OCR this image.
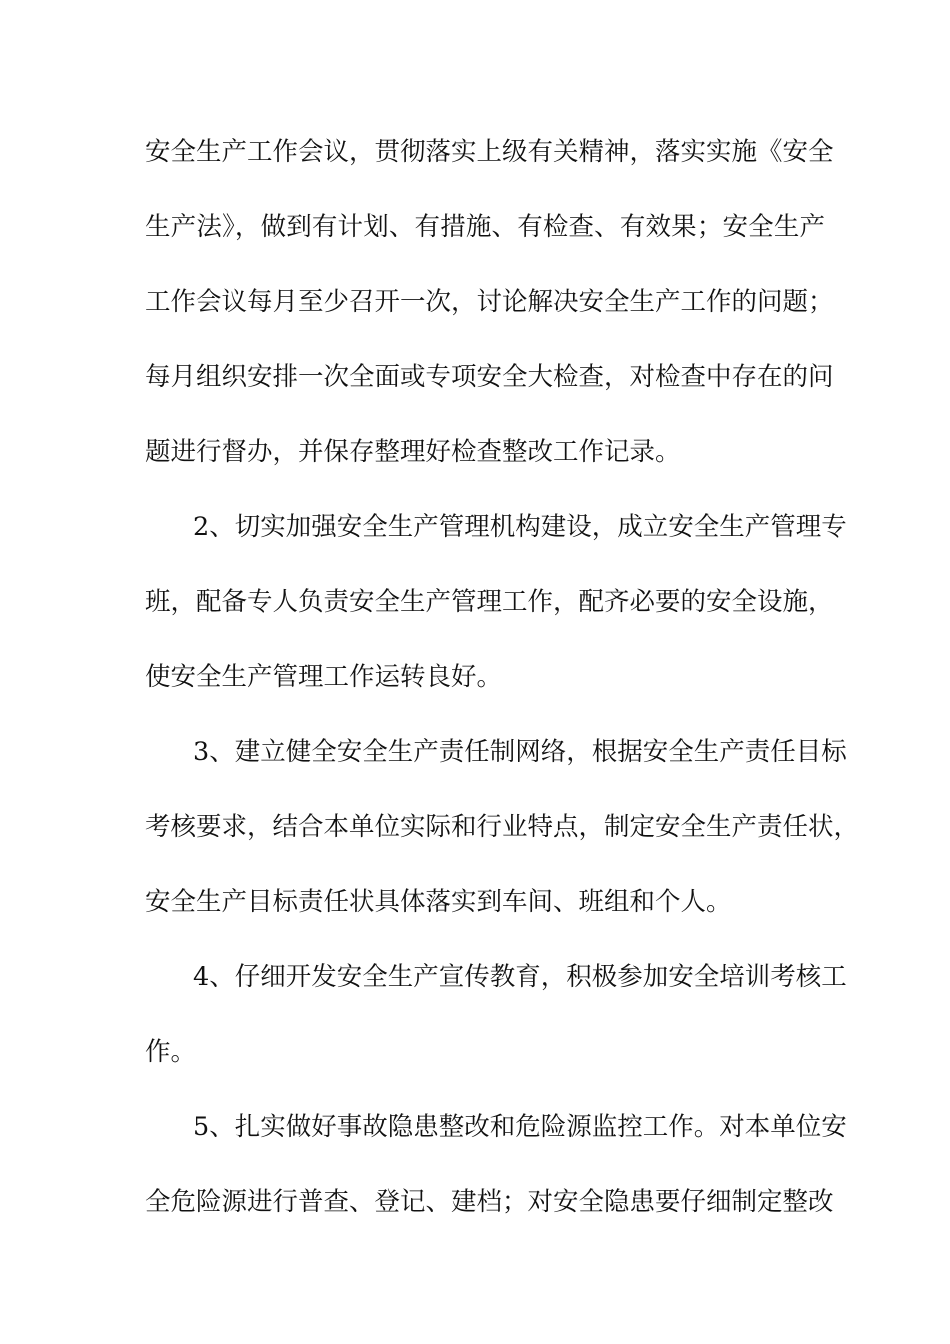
安全生产工作会议，贯彻落实上级有关精神，落实实施《安全
生产法》，做到有计划、有措施、有检查、有效果；安全生产
工作会议每月至少召开一次，讨论解决安全生产工作的问题；
每月组织安排一次全面或专项安全大检查，对检查中存在的问
题进行督办，并保存整理好检查整改工作记录。
2、切实加强安全生产管理机构建设，成立安全生产管理专
班，配备专人负责安全生产管理工作，配齐必要的安全设施，
使安全生产管理工作运转良好。
3、建立健全安全生产责任制网络，根据安全生产责任目标
考核要求，结合本单位实际和行业特点，制定安全生产责任状，
安全生产目标责任状具体落实到车间、班组和个人。
4、仔细开发安全生产宣传教育，积极参加安全培训考核工
作。
5、扎实做好事故隐患整改和危险源监控工作。对本单位安
全危险源进行普查、登记、建档；对安全隐患要仔细制定整改
